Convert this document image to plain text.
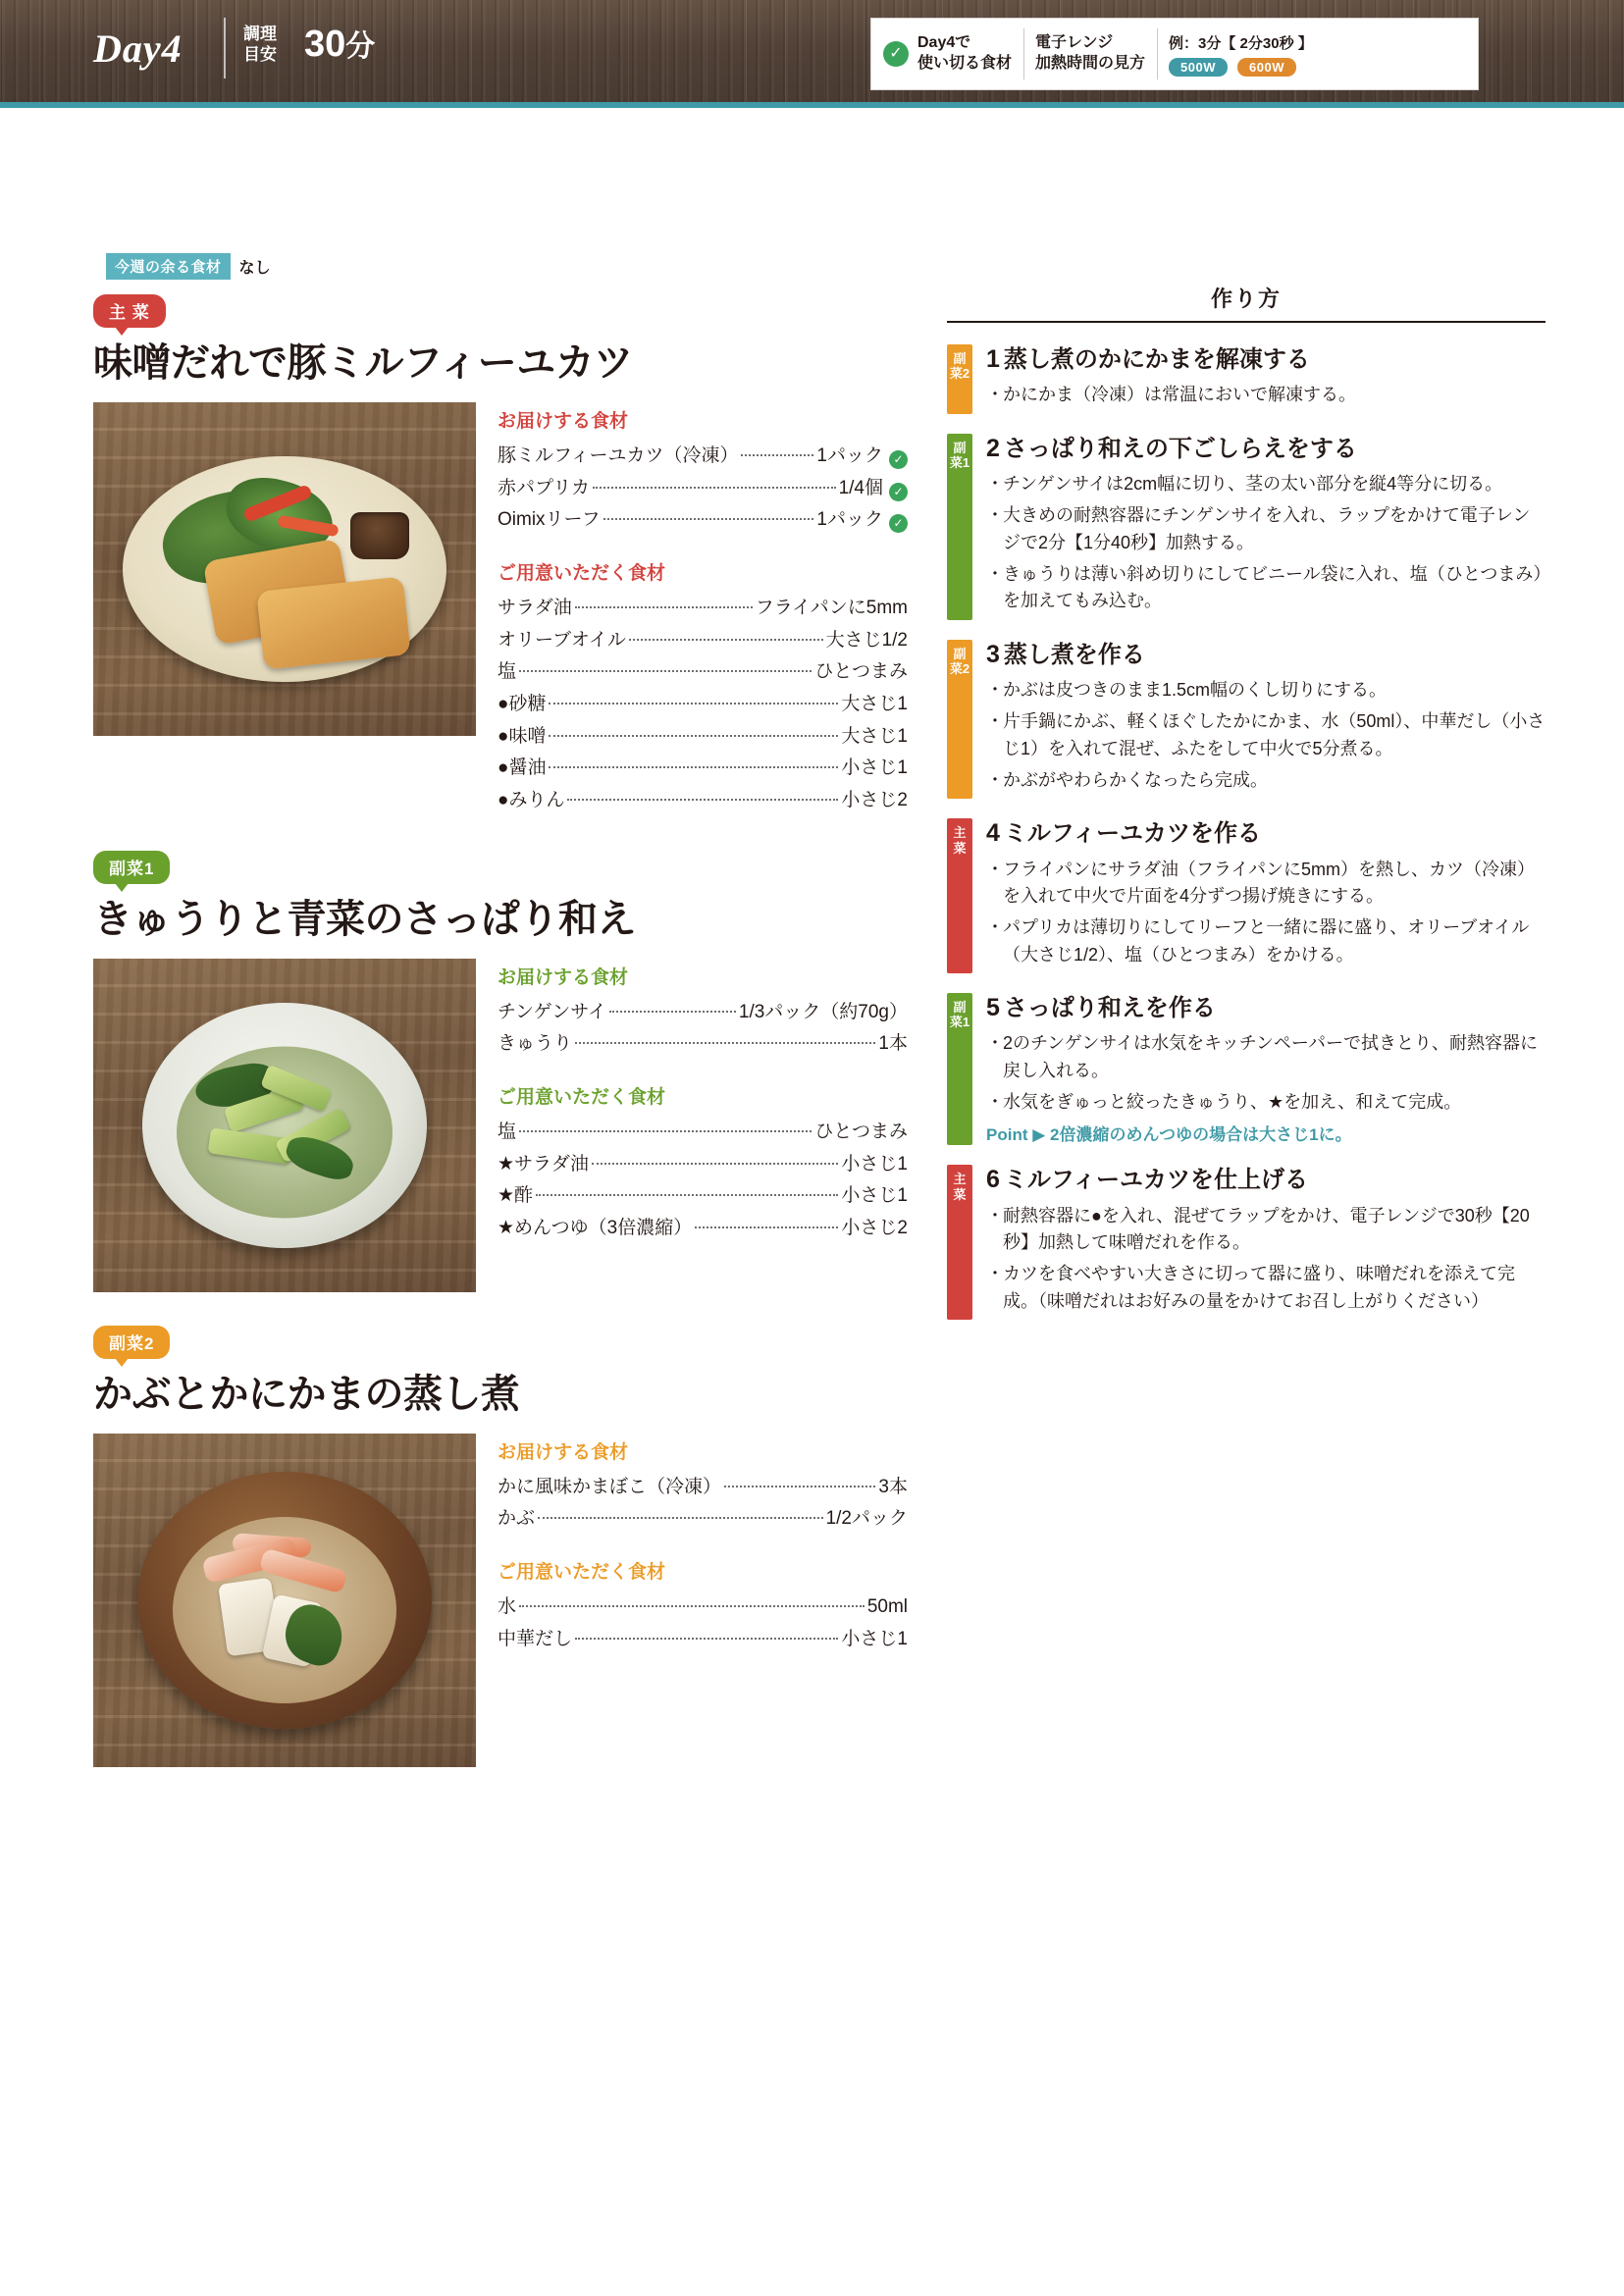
Day4	調理
目安 30分	✓
Day4で
使い切る食材
電子レンジ
加熱時間の見方
例：3分【 2分30秒 】
500W	600W
今週の余る食材	なし
主 菜
味噌だれで豚ミルフィーユカツ
お届けする食材
豚ミルフィーユカツ（冷凍）	1パック ✓
赤パプリカ	1/4個 ✓
Oimixリーフ	1パック ✓
ご用意いただく食材
サラダ油	フライパンに5mm
オリーブオイル	大さじ1/2
塩	ひとつまみ
●砂糖	大さじ1
●味噌	大さじ1
●醤油	小さじ1
●みりん	小さじ2
副菜1
きゅうりと青菜のさっぱり和え
お届けする食材
チンゲンサイ	1/3パック（約70g）
きゅうり	1本
ご用意いただく食材
塩	ひとつまみ
★サラダ油	小さじ1
★酢	小さじ1
★めんつゆ（3倍濃縮）	小さじ2
副菜2
かぶとかにかまの蒸し煮
お届けする食材
かに風味かまぼこ（冷凍）	3本
かぶ	1/2パック
ご用意いただく食材
水	50ml
中華だし	小さじ1
作り方
副菜2
1 蒸し煮のかにかまを解凍する
・ かにかま（冷凍）は常温においで解凍する。
副菜1
2 さっぱり和えの下ごしらえをする
・ チンゲンサイは2cm幅に切り、茎の太い部分を縦4等分に切る。
・ 大きめの耐熱容器にチンゲンサイを入れ、ラップをかけて電子レンジで2分【1分40秒】加熱する。
・ きゅうりは薄い斜め切りにしてビニール袋に入れ、塩（ひとつまみ）を加えてもみ込む。
副菜2
3 蒸し煮を作る
・ かぶは皮つきのまま1.5cm幅のくし切りにする。
・ 片手鍋にかぶ、軽くほぐしたかにかま、水（50ml）、中華だし（小さじ1）を入れて混ぜ、ふたをして中火で5分煮る。
・ かぶがやわらかくなったら完成。
主菜
4 ミルフィーユカツを作る
・ フライパンにサラダ油（フライパンに5mm）を熱し、カツ（冷凍）を入れて中火で片面を4分ずつ揚げ焼きにする。
・ パプリカは薄切りにしてリーフと一緒に器に盛り、オリーブオイル（大さじ1/2）、塩（ひとつまみ）をかける。
副菜1
5 さっぱり和えを作る
・ 2のチンゲンサイは水気をキッチンペーパーで拭きとり、耐熱容器に戻し入れる。
・ 水気をぎゅっと絞ったきゅうり、★を加え、和えて完成。
Point ▶ 2倍濃縮のめんつゆの場合は大さじ1に。
主菜
6 ミルフィーユカツを仕上げる
・ 耐熱容器に●を入れ、混ぜてラップをかけ、電子レンジで30秒【20秒】加熱して味噌だれを作る。
・ カツを食べやすい大きさに切って器に盛り、味噌だれを添えて完成。（味噌だれはお好みの量をかけてお召し上がりください）
